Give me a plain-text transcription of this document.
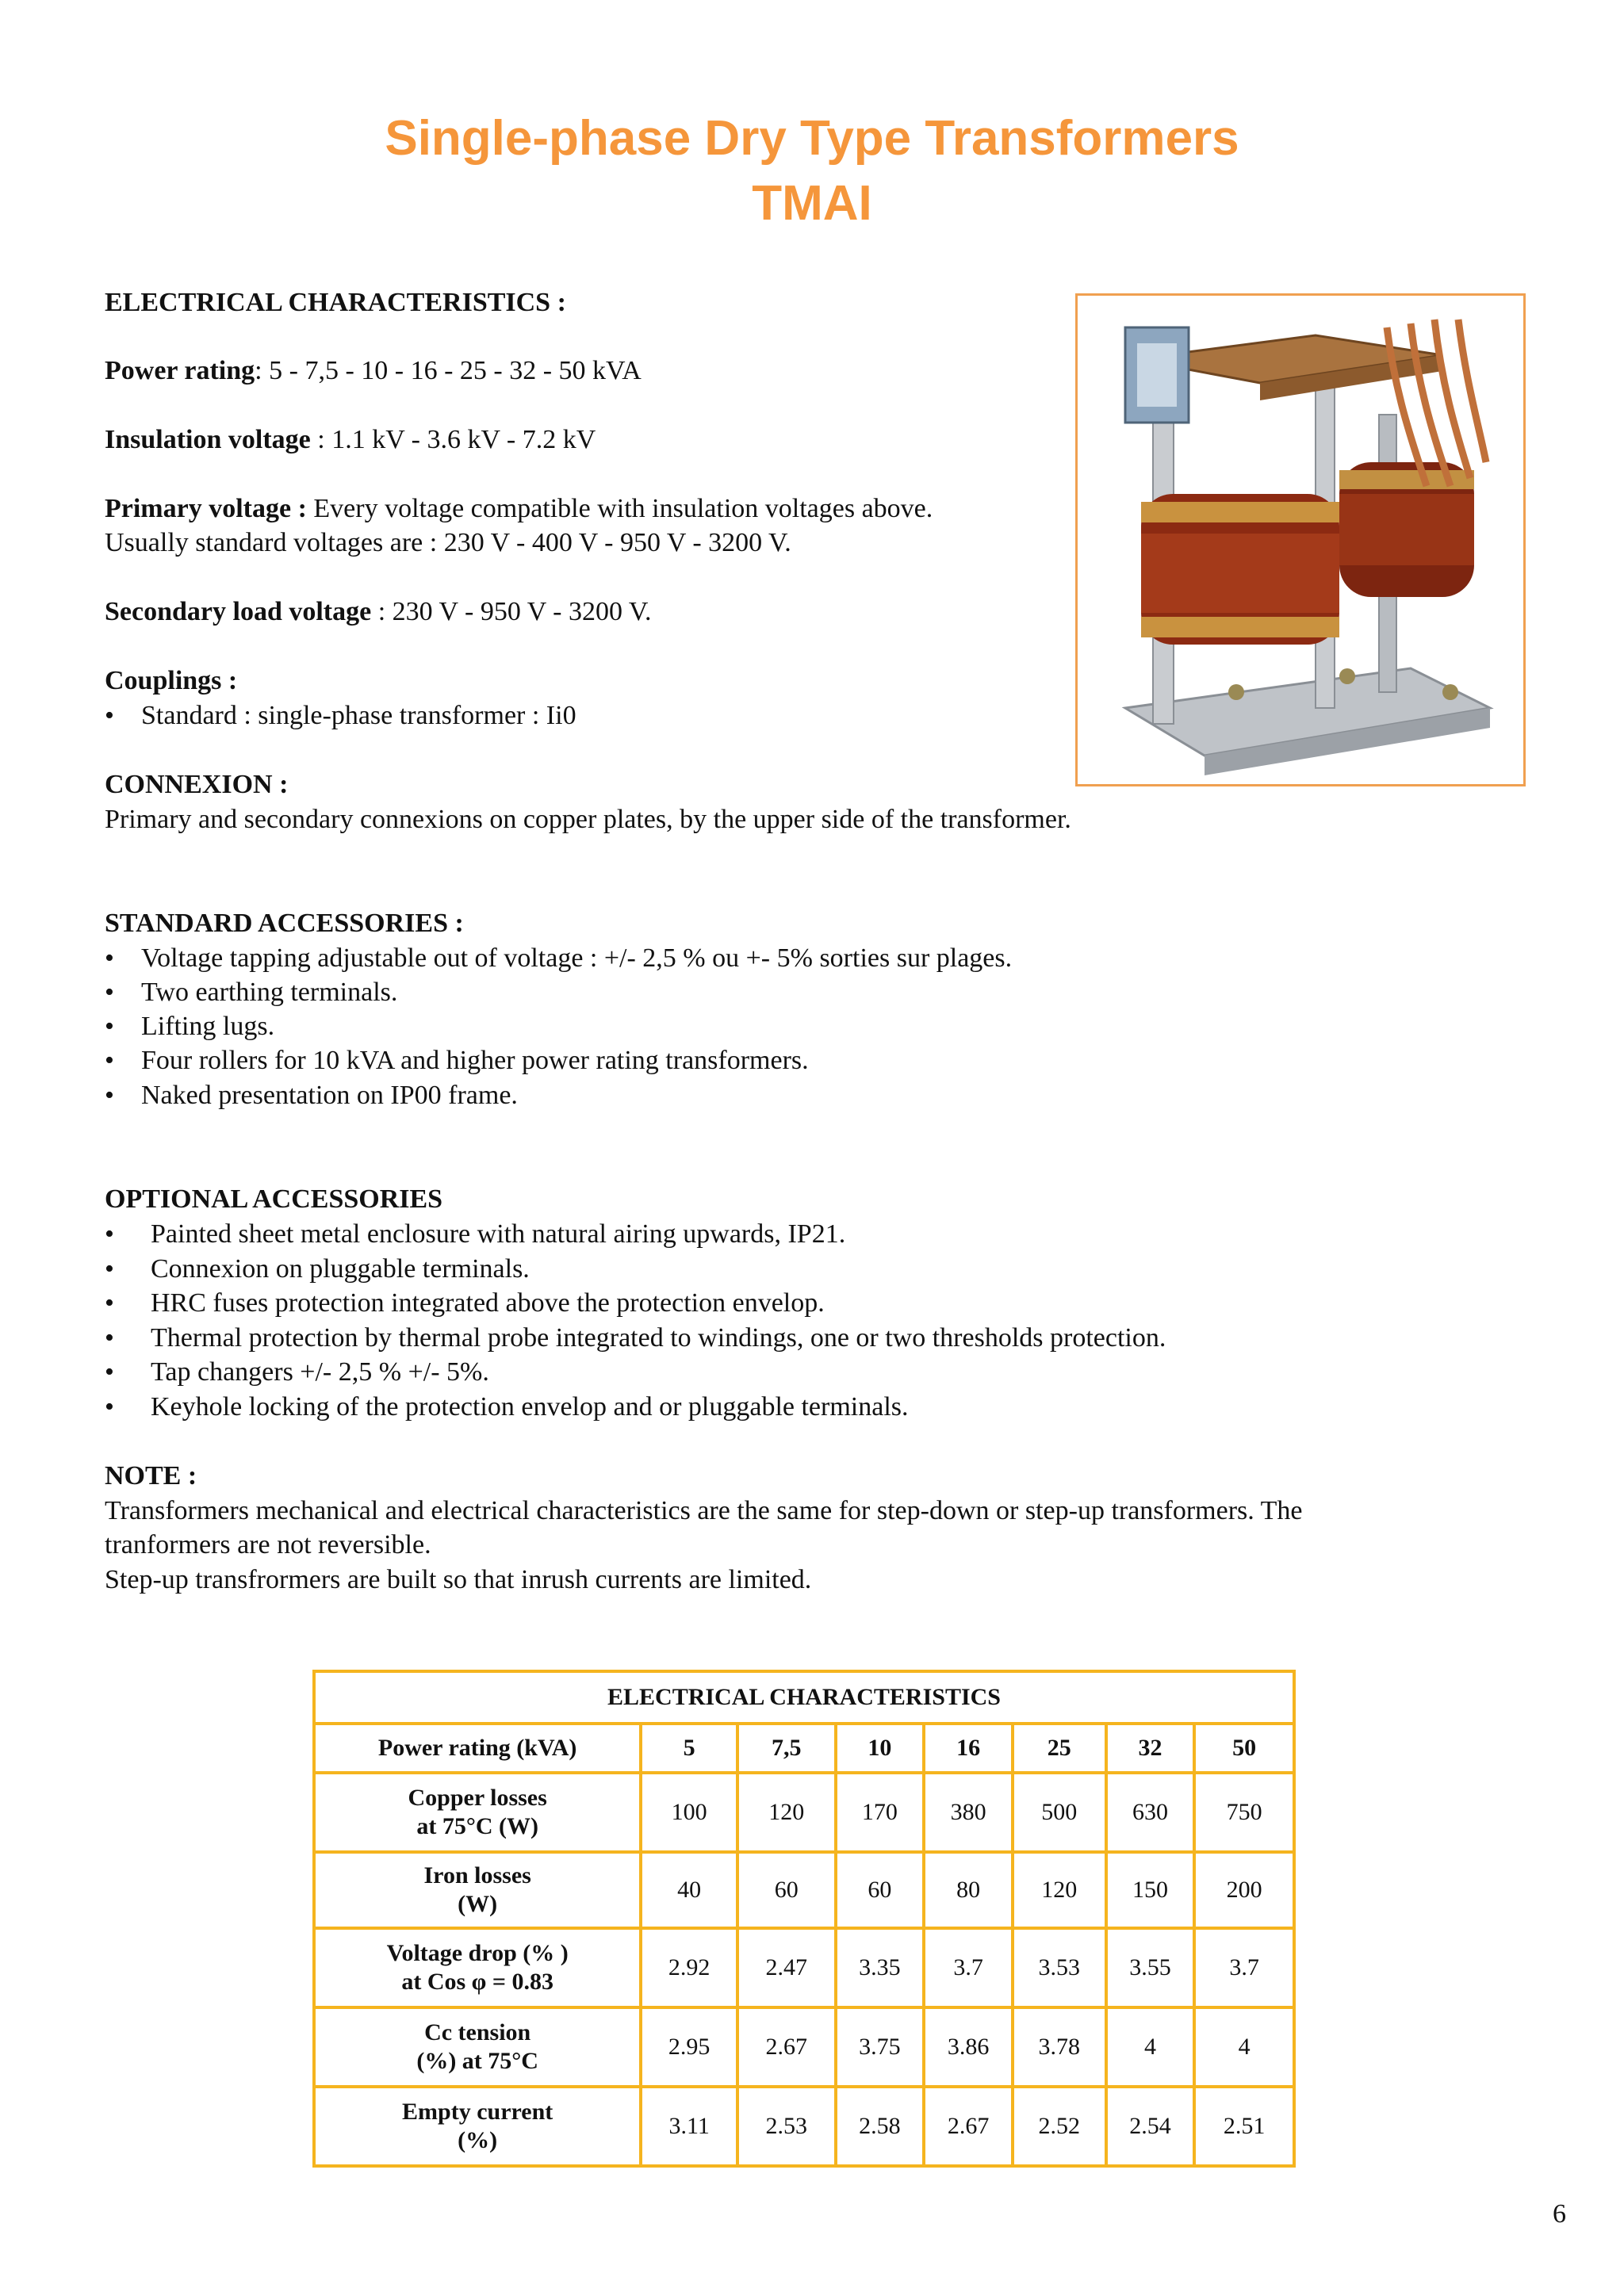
Single-phase Dry Type Transformers
TMAI

ELECTRICAL CHARACTERISTICS :

Power rating: 5 - 7,5 - 10 - 16 - 25 - 32 - 50 kVA

Insulation voltage : 1.1 kV - 3.6 kV - 7.2 kV

Primary voltage : Every voltage compatible with insulation voltages above.

Usually standard voltages are : 230 V - 400 V - 950 V - 3200 V.

Secondary load voltage : 230 V - 950 V - 3200 V.

Couplings :

• Standard : single-phase transformer : Ii0

CONNEXION :

Primary and secondary connexions on copper plates, by the upper side of the transformer.

STANDARD ACCESSORIES :

• Voltage tapping adjustable out of voltage : +/- 2,5 % ou +- 5% sorties sur plages.
• Two earthing terminals.
• Lifting lugs.
• Four rollers for 10 kVA and higher power rating transformers.
• Naked presentation on IP00 frame.

OPTIONAL ACCESSORIES

• Painted sheet metal enclosure with natural airing upwards, IP21.
• Connexion on pluggable terminals.
• HRC fuses protection integrated above the protection envelop.
• Thermal protection by thermal probe integrated to windings, one or two thresholds protection.
• Tap changers +/- 2,5 % +/- 5%.
• Keyhole locking of the protection envelop and or pluggable terminals.

NOTE :

Transformers mechanical and electrical characteristics are the same for step-down or step-up transformers. The

tranformers are not reversible.

Step-up transfrormers are built so that inrush currents are limited.

ELECTRICAL CHARACTERISTICS							
Power rating (kVA)	5	7,5	10	16	25	32	50
Copper losses
at 75°C (W)	100	120	170	380	500	630	750
Iron losses
(W)	40	60	60	80	120	150	200
Voltage drop (% )
at Cos φ = 0.83	2.92	2.47	3.35	3.7	3.53	3.55	3.7
Cc tension
(%) at 75°C	2.95	2.67	3.75	3.86	3.78	4	4
Empty current
(%)	3.11	2.53	2.58	2.67	2.52	2.54	2.51
6
